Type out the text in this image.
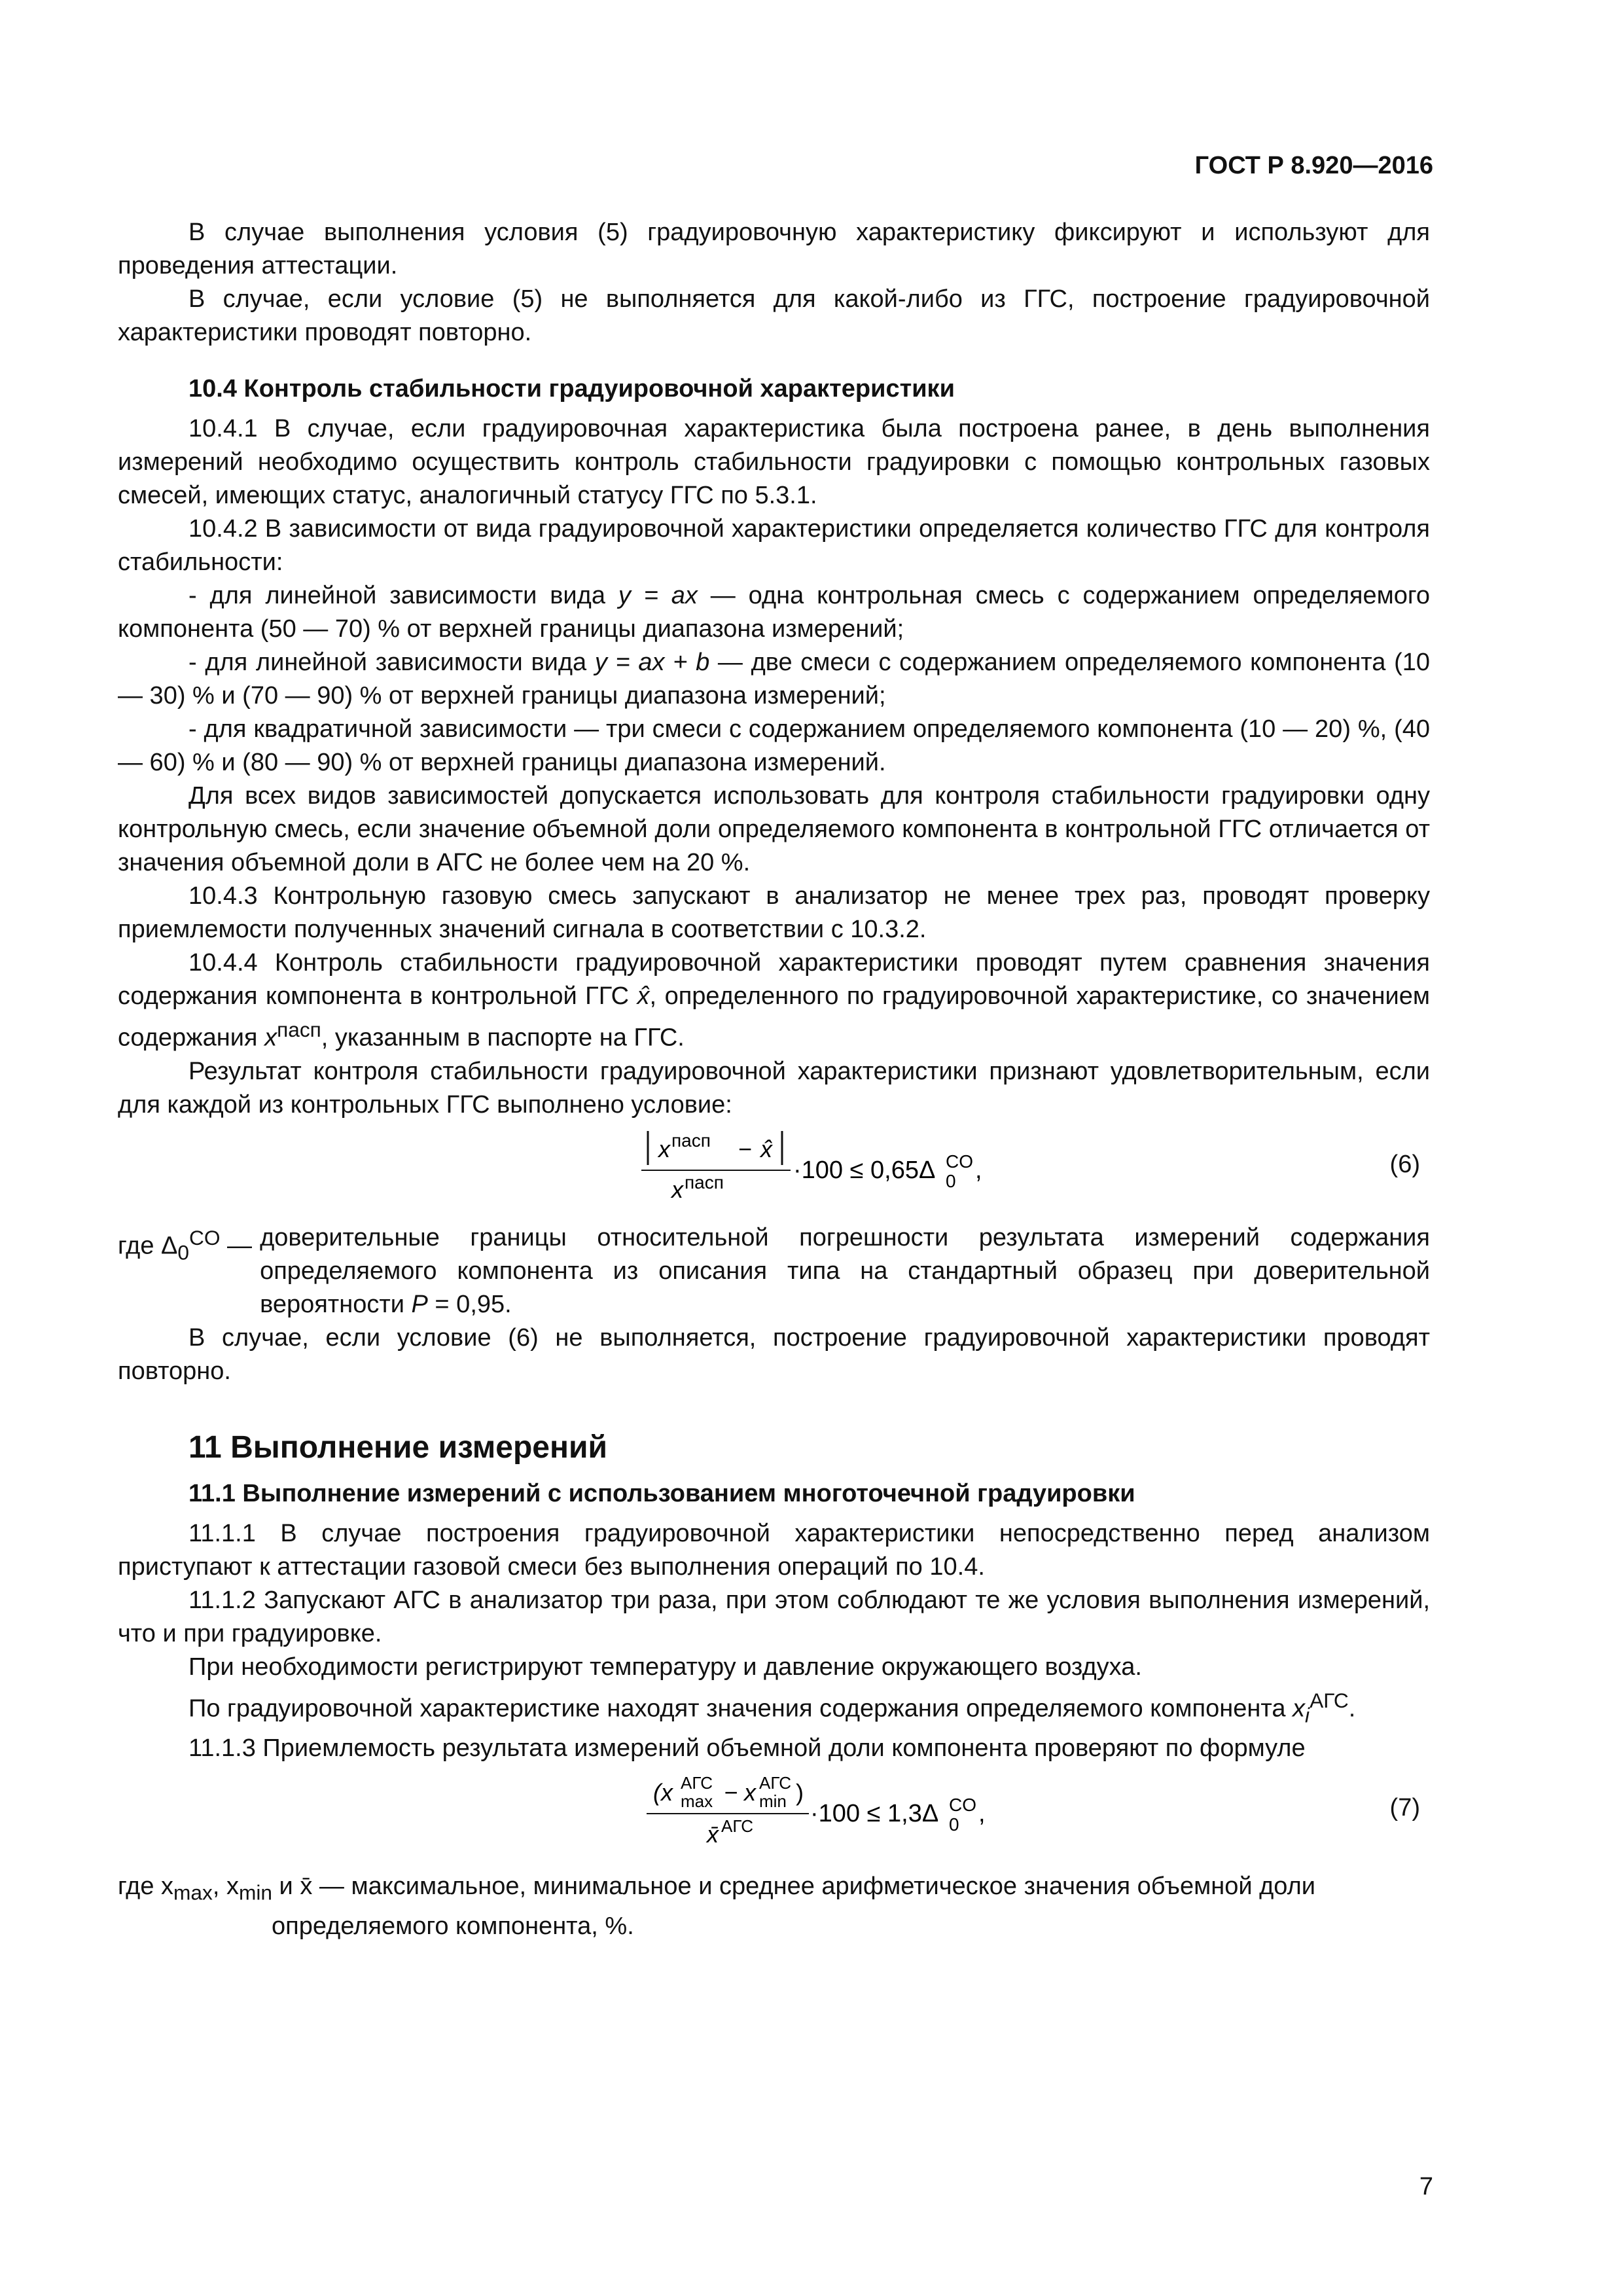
ГОСТ Р 8.920—2016

В случае выполнения условия (5) градуировочную характеристику фиксируют и используют для проведения аттестации.

В случае, если условие (5) не выполняется для какой-либо из ГГС, построение градуировочной характеристики проводят повторно.

10.4 Контроль стабильности градуировочной характеристики

10.4.1 В случае, если градуировочная характеристика была построена ранее, в день выполнения измерений необходимо осуществить контроль стабильности градуировки с помощью контрольных газовых смесей, имеющих статус, аналогичный статусу ГГС по 5.3.1.

10.4.2 В зависимости от вида градуировочной характеристики определяется количество ГГС для контроля стабильности:

- для линейной зависимости вида y = ax — одна контрольная смесь с содержанием определяемого компонента (50 — 70) % от верхней границы диапазона измерений;

- для линейной зависимости вида y = ax + b — две смеси с содержанием определяемого компонента (10 — 30) % и (70 — 90) % от верхней границы диапазона измерений;

- для квадратичной зависимости — три смеси с содержанием определяемого компонента (10 — 20) %, (40 — 60) % и (80 — 90) % от верхней границы диапазона измерений.

Для всех видов зависимостей допускается использовать для контроля стабильности градуировки одну контрольную смесь, если значение объемной доли определяемого компонента в контрольной ГГС отличается от значения объемной доли в АГС не более чем на 20 %.

10.4.3 Контрольную газовую смесь запускают в анализатор не менее трех раз, проводят проверку приемлемости полученных значений сигнала в соответствии с 10.3.2.

10.4.4 Контроль стабильности градуировочной характеристики проводят путем сравнения значения содержания компонента в контрольной ГГС x̂, определенного по градуировочной характеристике, со значением содержания $x^{пасп}$, указанным в паспорте на ГГС.

Результат контроля стабильности градуировочной характеристики признают удовлетворительным, если для каждой из контрольных ГГС выполнено условие:

x пасп − x̂
x пасп	·100 ≤ 0,65Δ CO
0 ,	(6)
где $\Delta_0^{CO}$ — доверительные границы относительной погрешности результата измерений содержания определяемого компонента из описания типа на стандартный образец при доверительной вероятности P = 0,95.

В случае, если условие (6) не выполняется, построение градуировочной характеристики проводят повторно.

11 Выполнение измерений
11.1 Выполнение измерений с использованием многоточечной градуировки

11.1.1 В случае построения градуировочной характеристики непосредственно перед анализом приступают к аттестации газовой смеси без выполнения операций по 10.4.

11.1.2 Запускают АГС в анализатор три раза, при этом соблюдают те же условия выполнения измерений, что и при градуировке.

При необходимости регистрируют температуру и давление окружающего воздуха.

По градуировочной характеристике находят значения содержания определяемого компонента $x_i^{АГС}$.

11.1.3 Приемлемость результата измерений объемной доли компонента проверяют по формуле

(x АГС
max − x АГС
min )
x̄ АГС ·100 ≤ 1,3Δ CO
0 ,	(7)
где $x_{max}$, $x_{min}$ и x̄ — максимальное, минимальное и среднее арифметическое значения объемной доли определяемого компонента, %.
7
